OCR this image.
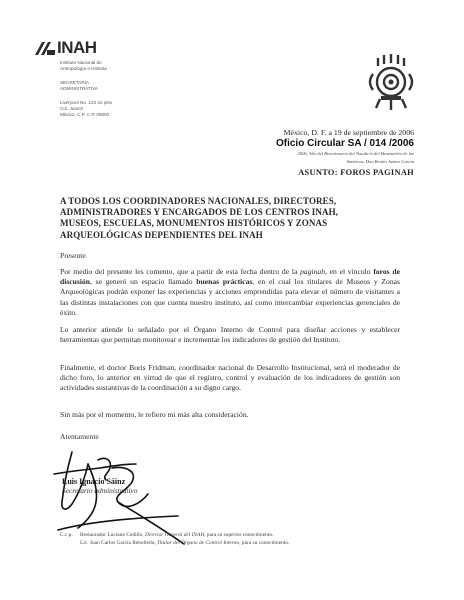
INAH
Instituto Nacional de
Antropología e Historia
SECRETARÍA
ADMINISTRATIVA
Liverpool No. 123 4o piso
Col. Juárez
México, C.P. C.P. 06600
México, D. F. a 19 de septiembre de 2006
Oficio Circular SA / 014 /2006
2006, Año del Bicentenario del Natalicio del Benemérito de las
Américas, Don Benito Juárez García
ASUNTO: FOROS PAGINAH
A TODOS LOS COORDINADORES NACIONALES, DIRECTORES,
ADMINISTRADORES Y ENCARGADOS DE LOS CENTROS INAH,
MUSEOS, ESCUELAS, MONUMENTOS HISTÓRICOS Y ZONAS
ARQUEOLÓGICAS DEPENDIENTES DEL INAH
Presente
Por medio del presente les comento, que a partir de esta fecha dentro de la paginah, en el vínculo foros de discusión, se generó un espacio llamado buenas prácticas, en el cual los titulares de Museos y Zonas Arqueológicas podrán exponer las experiencias y acciones emprendidas para elevar el número de visitantes a las distintas instalaciones con que cuenta nuestro instituto, así como intercambiar experiencias gerenciales de éxito.
Lo anterior atiende lo señalado por el Órgano Interno de Control para diseñar acciones y establecer herramientas que permitan monitorear e incrementar los indicadores de gestión del Instituto.
Finalmente, el doctor Boris Fridman, coordinador nacional de Desarrollo Institucional, será el moderador de dicho foro, lo anterior en virtud de que el registro, control y evaluación de los indicadores de gestión son actividades sustantivas de la coordinación a su digno cargo.
Sin más por el momento, le refiero mi más alta consideración.
Atentamente
Luis Ignacio Sáinz
Secretario administrativo
C.c.p. Restaurador Luciano Cedillo, Director General del INAH, para su superior conocimiento.
Lic. Juan Carlos García Rebolledo, Titular del Órgano de Control Interno, para su conocimiento.
